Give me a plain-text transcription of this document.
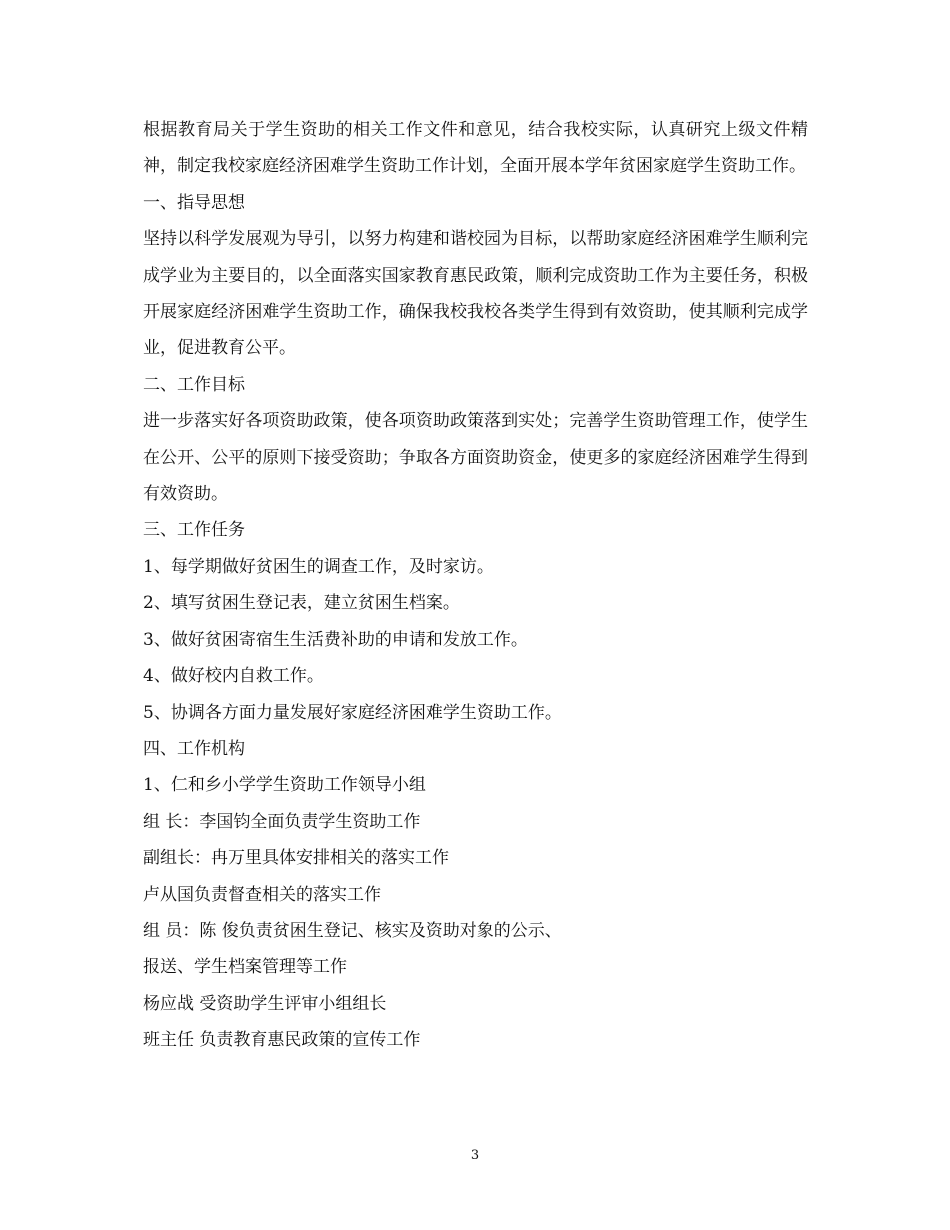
根据教育局关于学生资助的相关工作文件和意见，结合我校实际，认真研究上级文件精神，制定我校家庭经济困难学生资助工作计划，全面开展本学年贫困家庭学生资助工作。

一、指导思想

坚持以科学发展观为导引，以努力构建和谐校园为目标，以帮助家庭经济困难学生顺利完成学业为主要目的，以全面落实国家教育惠民政策，顺利完成资助工作为主要任务，积极开展家庭经济困难学生资助工作，确保我校我校各类学生得到有效资助，使其顺利完成学业，促进教育公平。

二、工作目标

进一步落实好各项资助政策，使各项资助政策落到实处；完善学生资助管理工作，使学生在公开、公平的原则下接受资助；争取各方面资助资金，使更多的家庭经济困难学生得到有效资助。

三、工作任务

1、每学期做好贫困生的调查工作，及时家访。

2、填写贫困生登记表，建立贫困生档案。

3、做好贫困寄宿生生活费补助的申请和发放工作。

4、做好校内自救工作。

5、协调各方面力量发展好家庭经济困难学生资助工作。

四、工作机构

1、仁和乡小学学生资助工作领导小组

组 长：李国钧全面负责学生资助工作

副组长：冉万里具体安排相关的落实工作

卢从国负责督查相关的落实工作

组 员：陈 俊负责贫困生登记、核实及资助对象的公示、

报送、学生档案管理等工作

杨应战 受资助学生评审小组组长

班主任 负责教育惠民政策的宣传工作

3
